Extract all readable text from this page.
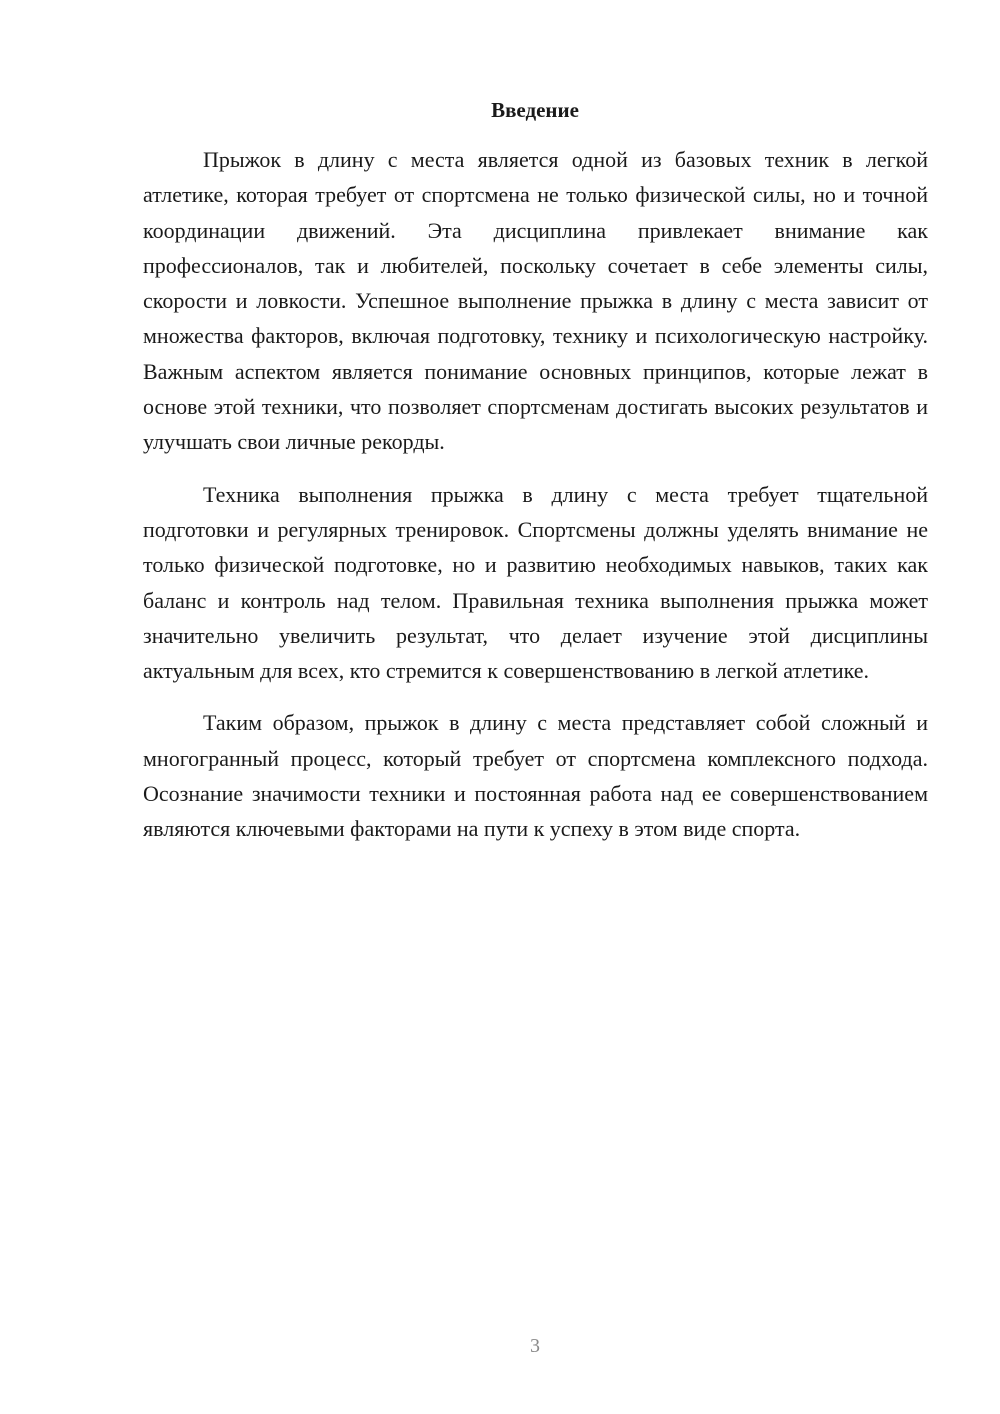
Введение

Прыжок в длину с места является одной из базовых техник в легкой атлетике, которая требует от спортсмена не только физической силы, но и точной координации движений. Эта дисциплина привлекает внимание как профессионалов, так и любителей, поскольку сочетает в себе элементы силы, скорости и ловкости. Успешное выполнение прыжка в длину с места зависит от множества факторов, включая подготовку, технику и психологическую настройку. Важным аспектом является понимание основных принципов, которые лежат в основе этой техники, что позволяет спортсменам достигать высоких результатов и улучшать свои личные рекорды.

Техника выполнения прыжка в длину с места требует тщательной подготовки и регулярных тренировок. Спортсмены должны уделять внимание не только физической подготовке, но и развитию необходимых навыков, таких как баланс и контроль над телом. Правильная техника выполнения прыжка может значительно увеличить результат, что делает изучение этой дисциплины актуальным для всех, кто стремится к совершенствованию в легкой атлетике.

Таким образом, прыжок в длину с места представляет собой сложный и многогранный процесс, который требует от спортсмена комплексного подхода. Осознание значимости техники и постоянная работа над ее совершенствованием являются ключевыми факторами на пути к успеху в этом виде спорта.

3
